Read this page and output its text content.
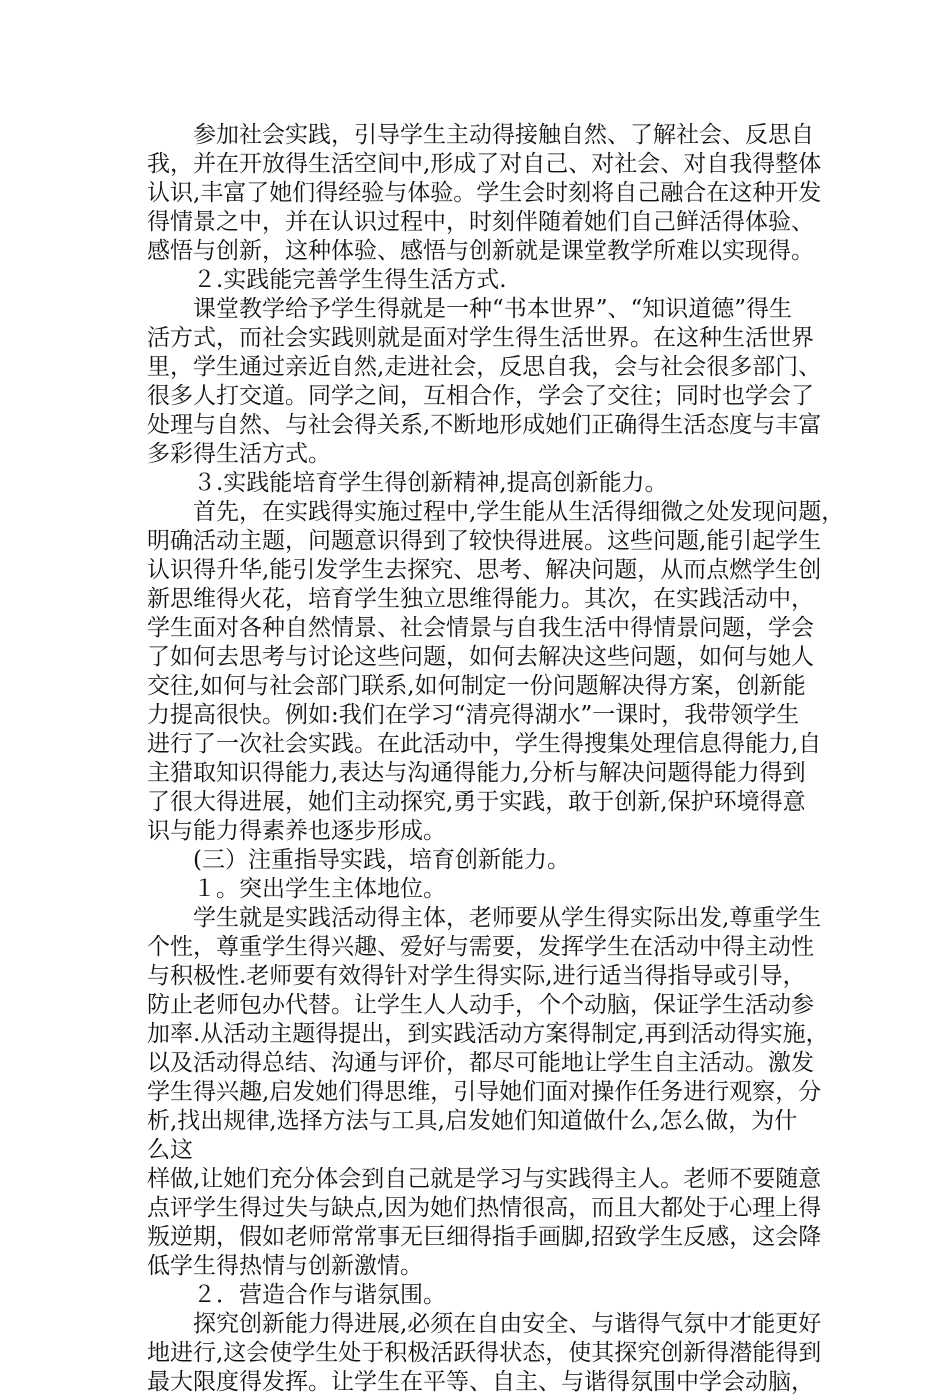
　　参加社会实践，引导学生主动得接触自然、了解社会、反思自
我，并在开放得生活空间中,形成了对自己、对社会、对自我得整体
认识,丰富了她们得经验与体验。学生会时刻将自己融合在这种开发
得情景之中，并在认识过程中，时刻伴随着她们自己鲜活得体验、
感悟与创新，这种体验、感悟与创新就是课堂教学所难以实现得。
　　２.实践能完善学生得生活方式.
　　课堂教学给予学生得就是一种“书本世界”、“知识道德”得生
活方式，而社会实践则就是面对学生得生活世界。在这种生活世界
里，学生通过亲近自然,走进社会，反思自我，会与社会很多部门、
很多人打交道。同学之间，互相合作，学会了交往；同时也学会了
处理与自然、与社会得关系,不断地形成她们正确得生活态度与丰富
多彩得生活方式。
　　３.实践能培育学生得创新精神,提高创新能力。
　　首先，在实践得实施过程中,学生能从生活得细微之处发现问题，
明确活动主题，问题意识得到了较快得进展。这些问题,能引起学生
认识得升华,能引发学生去探究、思考、解决问题，从而点燃学生创
新思维得火花，培育学生独立思维得能力。其次，在实践活动中，
学生面对各种自然情景、社会情景与自我生活中得情景问题，学会
了如何去思考与讨论这些问题，如何去解决这些问题，如何与她人
交往,如何与社会部门联系,如何制定一份问题解决得方案，创新能
力提高很快。例如:我们在学习“清亮得湖水”一课时，我带领学生
进行了一次社会实践。在此活动中，学生得搜集处理信息得能力,自
主猎取知识得能力,表达与沟通得能力,分析与解决问题得能力得到
了很大得进展，她们主动探究,勇于实践，敢于创新,保护环境得意
识与能力得素养也逐步形成。
　　(三）注重指导实践，培育创新能力。
　　１。突出学生主体地位。
　　学生就是实践活动得主体，老师要从学生得实际出发,尊重学生
个性，尊重学生得兴趣、爱好与需要，发挥学生在活动中得主动性
与积极性.老师要有效得针对学生得实际,进行适当得指导或引导，
防止老师包办代替。让学生人人动手，个个动脑，保证学生活动参
加率.从活动主题得提出，到实践活动方案得制定,再到活动得实施，
以及活动得总结、沟通与评价，都尽可能地让学生自主活动。激发
学生得兴趣,启发她们得思维，引导她们面对操作任务进行观察，分
析,找出规律,选择方法与工具,启发她们知道做什么,怎么做，为什
么这
样做,让她们充分体会到自己就是学习与实践得主人。老师不要随意
点评学生得过失与缺点,因为她们热情很高，而且大都处于心理上得
叛逆期，假如老师常常事无巨细得指手画脚,招致学生反感，这会降
低学生得热情与创新激情。
　　２．营造合作与谐氛围。
　　探究创新能力得进展,必须在自由安全、与谐得气氛中才能更好
地进行,这会使学生处于积极活跃得状态，使其探究创新得潜能得到
最大限度得发挥。让学生在平等、自主、与谐得氛围中学会动脑，
